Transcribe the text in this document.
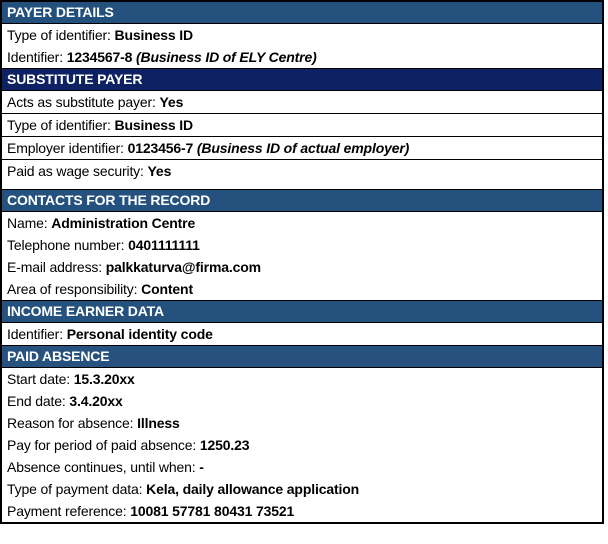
PAYER DETAILS
Type of identifier: Business ID
Identifier: 1234567-8 (Business ID of ELY Centre)
SUBSTITUTE PAYER
Acts as substitute payer: Yes
Type of identifier: Business ID
Employer identifier: 0123456-7 (Business ID of actual employer)
Paid as wage security: Yes
CONTACTS FOR THE RECORD
Name: Administration Centre
Telephone number: 0401111111
E-mail address: palkkaturva@firma.com
Area of responsibility: Content
INCOME EARNER DATA
Identifier: Personal identity code
PAID ABSENCE
Start date: 15.3.20xx
End date: 3.4.20xx
Reason for absence: Illness
Pay for period of paid absence: 1250.23
Absence continues, until when: -
Type of payment data: Kela, daily allowance application
Payment reference: 10081 57781 80431 73521
